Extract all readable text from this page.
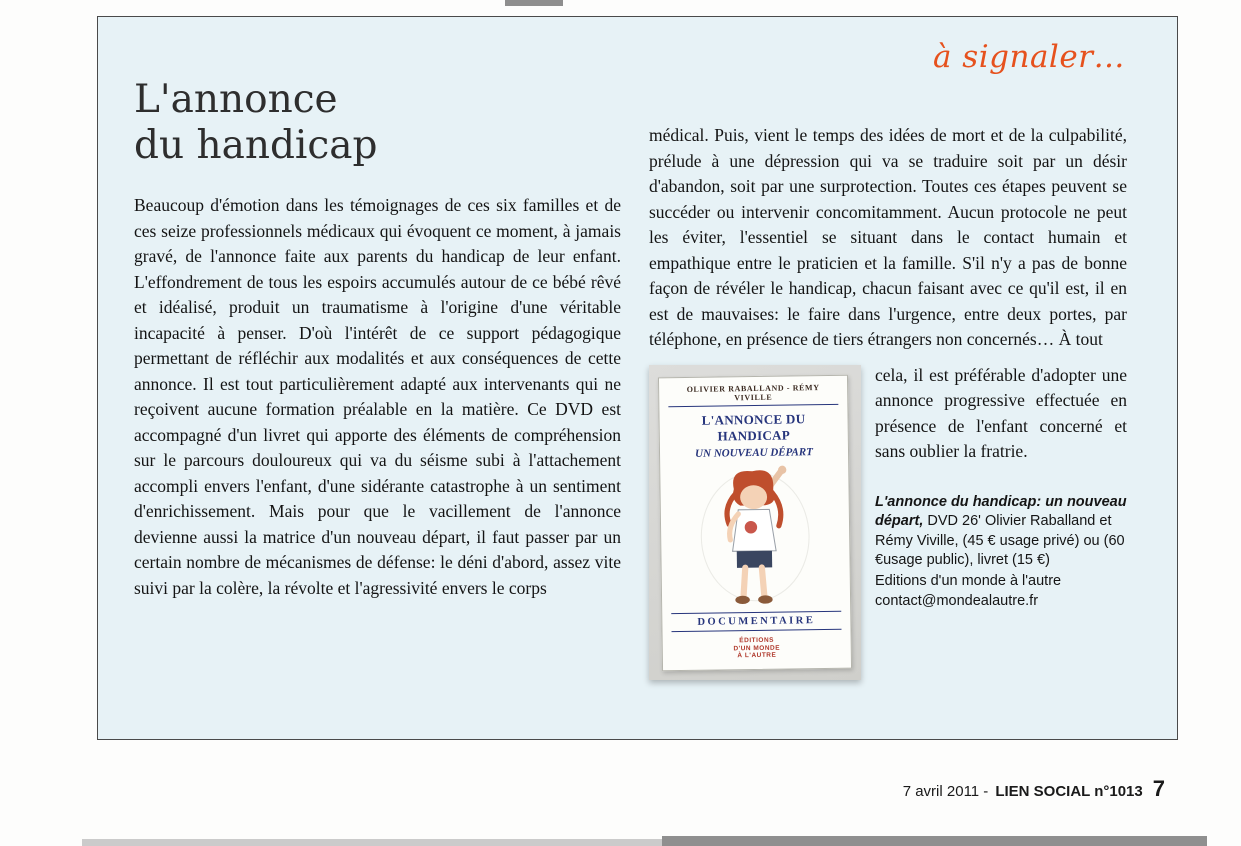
à signaler…
L'annonce
du handicap

Beaucoup d'émotion dans les témoignages de ces six familles et de ces seize professionnels médicaux qui évoquent ce moment, à jamais gravé, de l'annonce faite aux parents du handicap de leur enfant. L'effondrement de tous les espoirs accumulés autour de ce bébé rêvé et idéalisé, produit un traumatisme à l'origine d'une véritable incapacité à penser. D'où l'intérêt de ce support pédagogique permettant de réfléchir aux modalités et aux conséquences de cette annonce. Il est tout particulièrement adapté aux intervenants qui ne reçoivent aucune formation préalable en la matière. Ce DVD est accompagné d'un livret qui apporte des éléments de compréhension sur le parcours douloureux qui va du séisme subi à l'attachement accompli envers l'enfant, d'une sidérante catastrophe à un sentiment d'enrichissement. Mais pour que le vacillement de l'annonce devienne aussi la matrice d'un nouveau départ, il faut passer par un certain nombre de mécanismes de défense: le déni d'abord, assez vite suivi par la colère, la révolte et l'agressivité envers le corps

médical. Puis, vient le temps des idées de mort et de la culpabilité, prélude à une dépression qui va se traduire soit par un désir d'abandon, soit par une surprotection. Toutes ces étapes peuvent se succéder ou intervenir concomitamment. Aucun protocole ne peut les éviter, l'essentiel se situant dans le contact humain et empathique entre le praticien et la famille. S'il n'y a pas de bonne façon de révéler le handicap, chacun faisant avec ce qu'il est, il en est de mauvaises: le faire dans l'urgence, entre deux portes, par téléphone, en présence de tiers étrangers non concernés… À tout

OLIVIER RABALLAND - RÉMY VIVILLE
L'ANNONCE DU HANDICAP
UN NOUVEAU DÉPART
DOCUMENTAIRE
ÉDITIONS
D'UN MONDE
À L'AUTRE

cela, il est préférable d'adopter une annonce progressive effectuée en présence de l'enfant concerné et sans oublier la fratrie.

L'annonce du handicap: un nouveau départ, DVD 26' Olivier Raballand et Rémy Viville, (45 € usage privé) ou (60 €usage public), livret (15 €)

Editions d'un monde à l'autre
contact@mondealautre.fr
7 avril 2011 - LIEN SOCIAL n°1013 7
